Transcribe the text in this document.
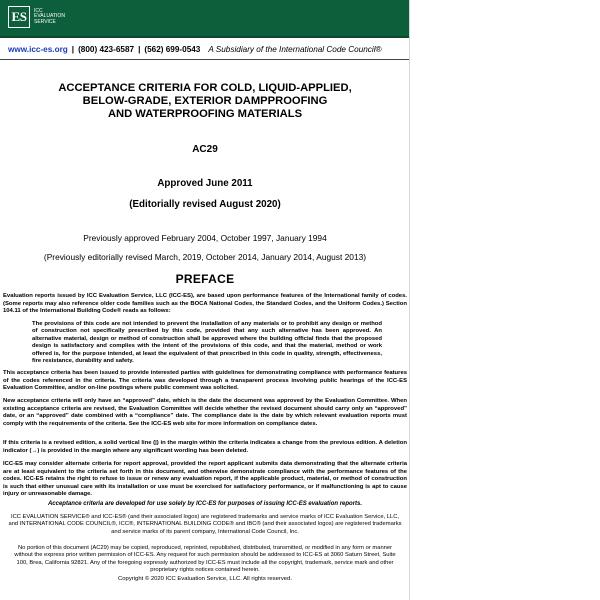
ES	ICC
EVALUATION
SERVICE
www.icc-es.org | (800) 423-6587 | (562) 699-0543 A Subsidiary of the International Code Council®
ACCEPTANCE CRITERIA FOR COLD, LIQUID-APPLIED,
BELOW-GRADE, EXTERIOR DAMPPROOFING
AND WATERPROOFING MATERIALS
AC29
Approved June 2011
(Editorially revised August 2020)
Previously approved February 2004, October 1997, January 1994
(Previously editorially revised March, 2019, October 2014, January 2014, August 2013)
PREFACE
Evaluation reports issued by ICC Evaluation Service, LLC (ICC-ES), are based upon performance features of the International family of codes. (Some reports may also reference older code families such as the BOCA National Codes, the Standard Codes, and the Uniform Codes.) Section 104.11 of the International Building Code® reads as follows:
The provisions of this code are not intended to prevent the installation of any materials or to prohibit any design or method of construction not specifically prescribed by this code, provided that any such alternative has been approved. An alternative material, design or method of construction shall be approved where the building official finds that the proposed design is satisfactory and complies with the intent of the provisions of this code, and that the material, method or work offered is, for the purpose intended, at least the equivalent of that prescribed in this code in quality, strength, effectiveness, fire resistance, durability and safety.
This acceptance criteria has been issued to provide interested parties with guidelines for demonstrating compliance with performance features of the codes referenced in the criteria. The criteria was developed through a transparent process involving public hearings of the ICC-ES Evaluation Committee, and/or on-line postings where public comment was solicited.
New acceptance criteria will only have an “approved” date, which is the date the document was approved by the Evaluation Committee. When existing acceptance criteria are revised, the Evaluation Committee will decide whether the revised document should carry only an “approved” date, or an “approved” date combined with a “compliance” date. The compliance date is the date by which relevant evaluation reports must comply with the requirements of the criteria. See the ICC-ES web site for more information on compliance dates.
If this criteria is a revised edition, a solid vertical line (|) in the margin within the criteria indicates a change from the previous edition. A deletion indicator (→) is provided in the margin where any significant wording has been deleted.
ICC-ES may consider alternate criteria for report approval, provided the report applicant submits data demonstrating that the alternate criteria are at least equivalent to the criteria set forth in this document, and otherwise demonstrate compliance with the performance features of the codes. ICC-ES retains the right to refuse to issue or renew any evaluation report, if the applicable product, material, or method of construction is such that either unusual care with its installation or use must be exercised for satisfactory performance, or if malfunctioning is apt to cause injury or unreasonable damage.
Acceptance criteria are developed for use solely by ICC-ES for purposes of issuing ICC-ES evaluation reports.
ICC EVALUATION SERVICE® and ICC-ES® (and their associated logos) are registered trademarks and service marks of ICC Evaluation Service, LLC, and INTERNATIONAL CODE COUNCIL®, ICC®, INTERNATIONAL BUILDING CODE® and IBC® (and their associated logos) are registered trademarks and service marks of its parent company, International Code Council, Inc.
No portion of this document (AC29) may be copied, reproduced, reprinted, republished, distributed, transmitted, or modified in any form or manner without the express prior written permission of ICC-ES. Any request for such permission should be addressed to ICC-ES at 3060 Saturn Street, Suite 100, Brea, California 92821. Any of the foregoing expressly authorized by ICC-ES must include all the copyright, trademark, service mark and other proprietary rights notices contained herein.
Copyright © 2020 ICC Evaluation Service, LLC. All rights reserved.
